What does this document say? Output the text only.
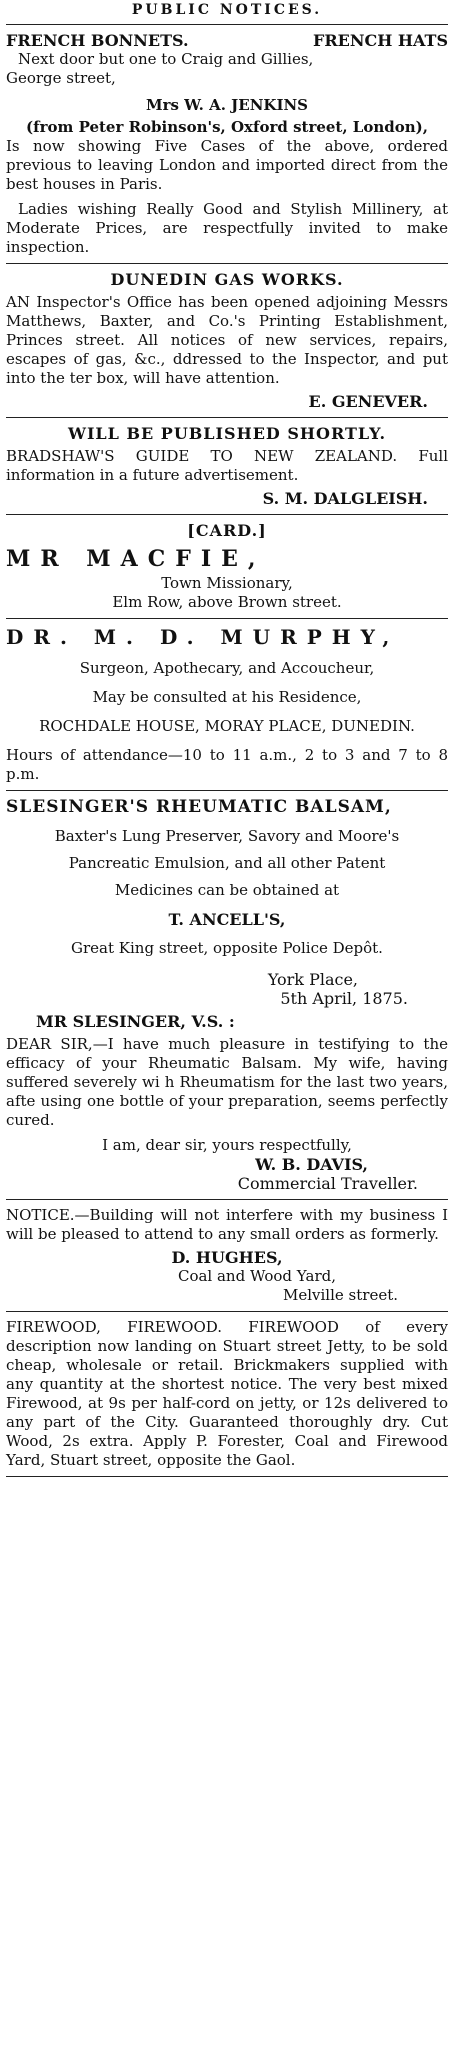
PUBLIC NOTICES.
FRENCH BONNETS.	FRENCH HATS

Next door but one to Craig and Gillies,

George street,

Mrs W. A. JENKINS

(from Peter Robinson's, Oxford street, London),

Is now showing Five Cases of the above, ordered previous to leaving London and imported direct from the best houses in Paris.

Ladies wishing Really Good and Stylish Millinery, at Moderate Prices, are respectfully invited to make inspection.

DUNEDIN GAS WORKS.

AN Inspector's Office has been opened adjoining Messrs Matthews, Baxter, and Co.'s Printing Establishment, Princes street. All notices of new services, repairs, escapes of gas, &c., ddressed to the Inspector, and put into the ter box, will have attention.

E. GENEVER.
WILL BE PUBLISHED SHORTLY.

BRADSHAW'S GUIDE TO NEW ZEALAND. Full information in a future advertisement.

S. M. DALGLEISH.
[CARD.]
MR MACFIE,

Town Missionary,

Elm Row, above Brown street.

DR. M. D. MURPHY,

Surgeon, Apothecary, and Accoucheur,

May be consulted at his Residence,

ROCHDALE HOUSE, MORAY PLACE, DUNEDIN.

Hours of attendance—10 to 11 a.m., 2 to 3 and 7 to 8 p.m.

SLESINGER'S RHEUMATIC BALSAM,

Baxter's Lung Preserver, Savory and Moore's

Pancreatic Emulsion, and all other Patent

Medicines can be obtained at

T. ANCELL'S,

Great King street, opposite Police Depôt.

York Place,
5th April, 1875.
MR SLESINGER, V.S. :

DEAR SIR,—I have much pleasure in testifying to the efficacy of your Rheumatic Balsam. My wife, having suffered severely wi h Rheumatism for the last two years, afte using one bottle of your preparation, seems perfectly cured.

I am, dear sir, yours respectfully,

W. B. DAVIS,
Commercial Traveller.

NOTICE.—Building will not interfere with my business I will be pleased to attend to any small orders as formerly.

D. HUGHES,

Coal and Wood Yard,

Melville street.

FIREWOOD, FIREWOOD. FIREWOOD of every description now landing on Stuart street Jetty, to be sold cheap, wholesale or retail. Brickmakers supplied with any quantity at the shortest notice. The very best mixed Firewood, at 9s per half-cord on jetty, or 12s delivered to any part of the City. Guaranteed thoroughly dry. Cut Wood, 2s extra. Apply P. Forester, Coal and Firewood Yard, Stuart street, opposite the Gaol.
